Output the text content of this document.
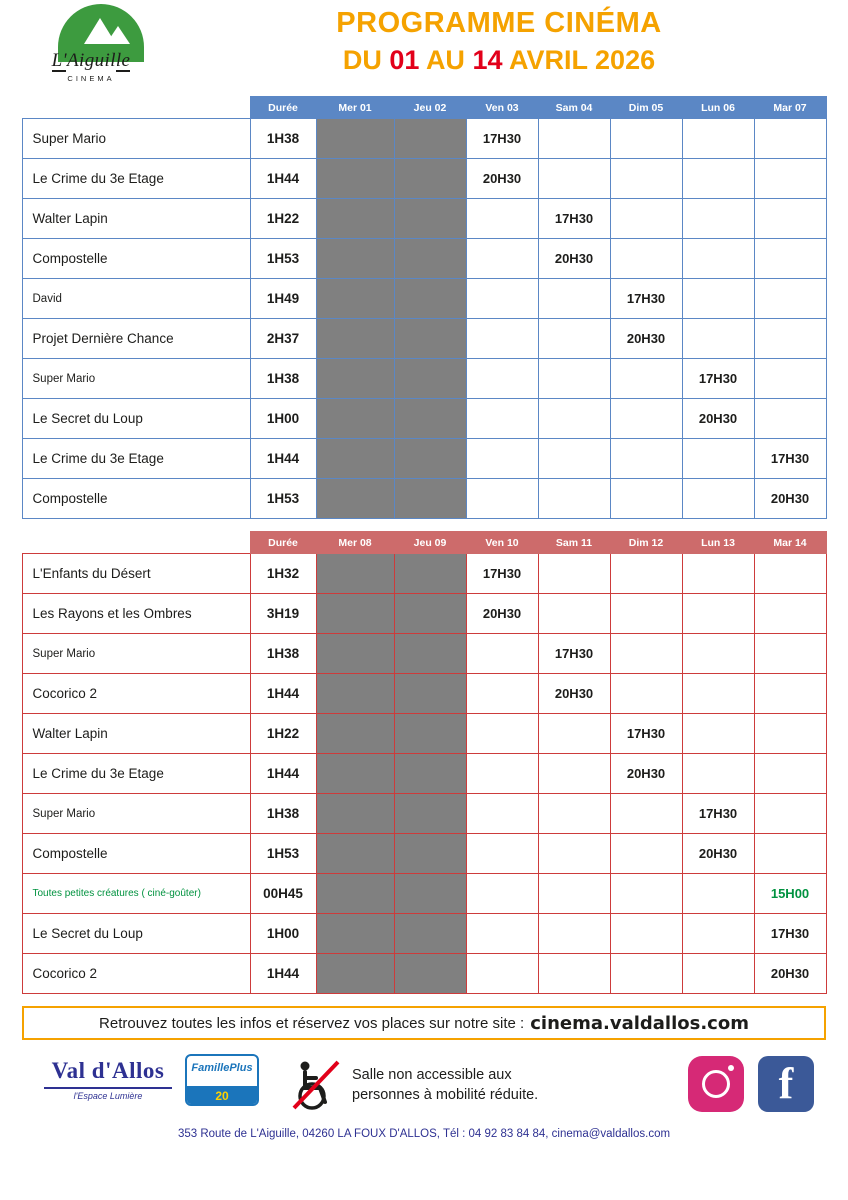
L'Aiguille
CINEMA
PROGRAMME CINÉMA
DU 01 AU 14 AVRIL 2026
	Durée	Mer 01	Jeu 02	Ven 03	Sam 04	Dim 05	Lun 06	Mar 07
Super Mario	1H38			17H30				
Le Crime du 3e Etage	1H44			20H30				
Walter Lapin	1H22				17H30			
Compostelle	1H53				20H30			
David	1H49					17H30		
Projet Dernière Chance	2H37					20H30		
Super Mario	1H38						17H30	
Le Secret du Loup	1H00						20H30	
Le Crime du 3e Etage	1H44							17H30
Compostelle	1H53							20H30
	Durée	Mer 08	Jeu 09	Ven 10	Sam 11	Dim 12	Lun 13	Mar 14
L'Enfants du Désert	1H32			17H30				
Les Rayons et les Ombres	3H19			20H30				
Super Mario	1H38				17H30			
Cocorico 2	1H44				20H30			
Walter Lapin	1H22					17H30		
Le Crime du 3e Etage	1H44					20H30		
Super Mario	1H38						17H30	
Compostelle	1H53						20H30	
Toutes petites créatures ( ciné-goûter)	00H45							15H00
Le Secret du Loup	1H00							17H30
Cocorico 2	1H44							20H30
Retrouvez toutes les infos et réservez vos places sur notre site : cinema.valdallos.com
Val d'Allos
l'Espace Lumière
FamillePlus
20
Salle non accessible aux
personnes à mobilité réduite.	f
353 Route de L'Aiguille, 04260 LA FOUX D'ALLOS, Tél : 04 92 83 84 84, cinema@valdallos.com
